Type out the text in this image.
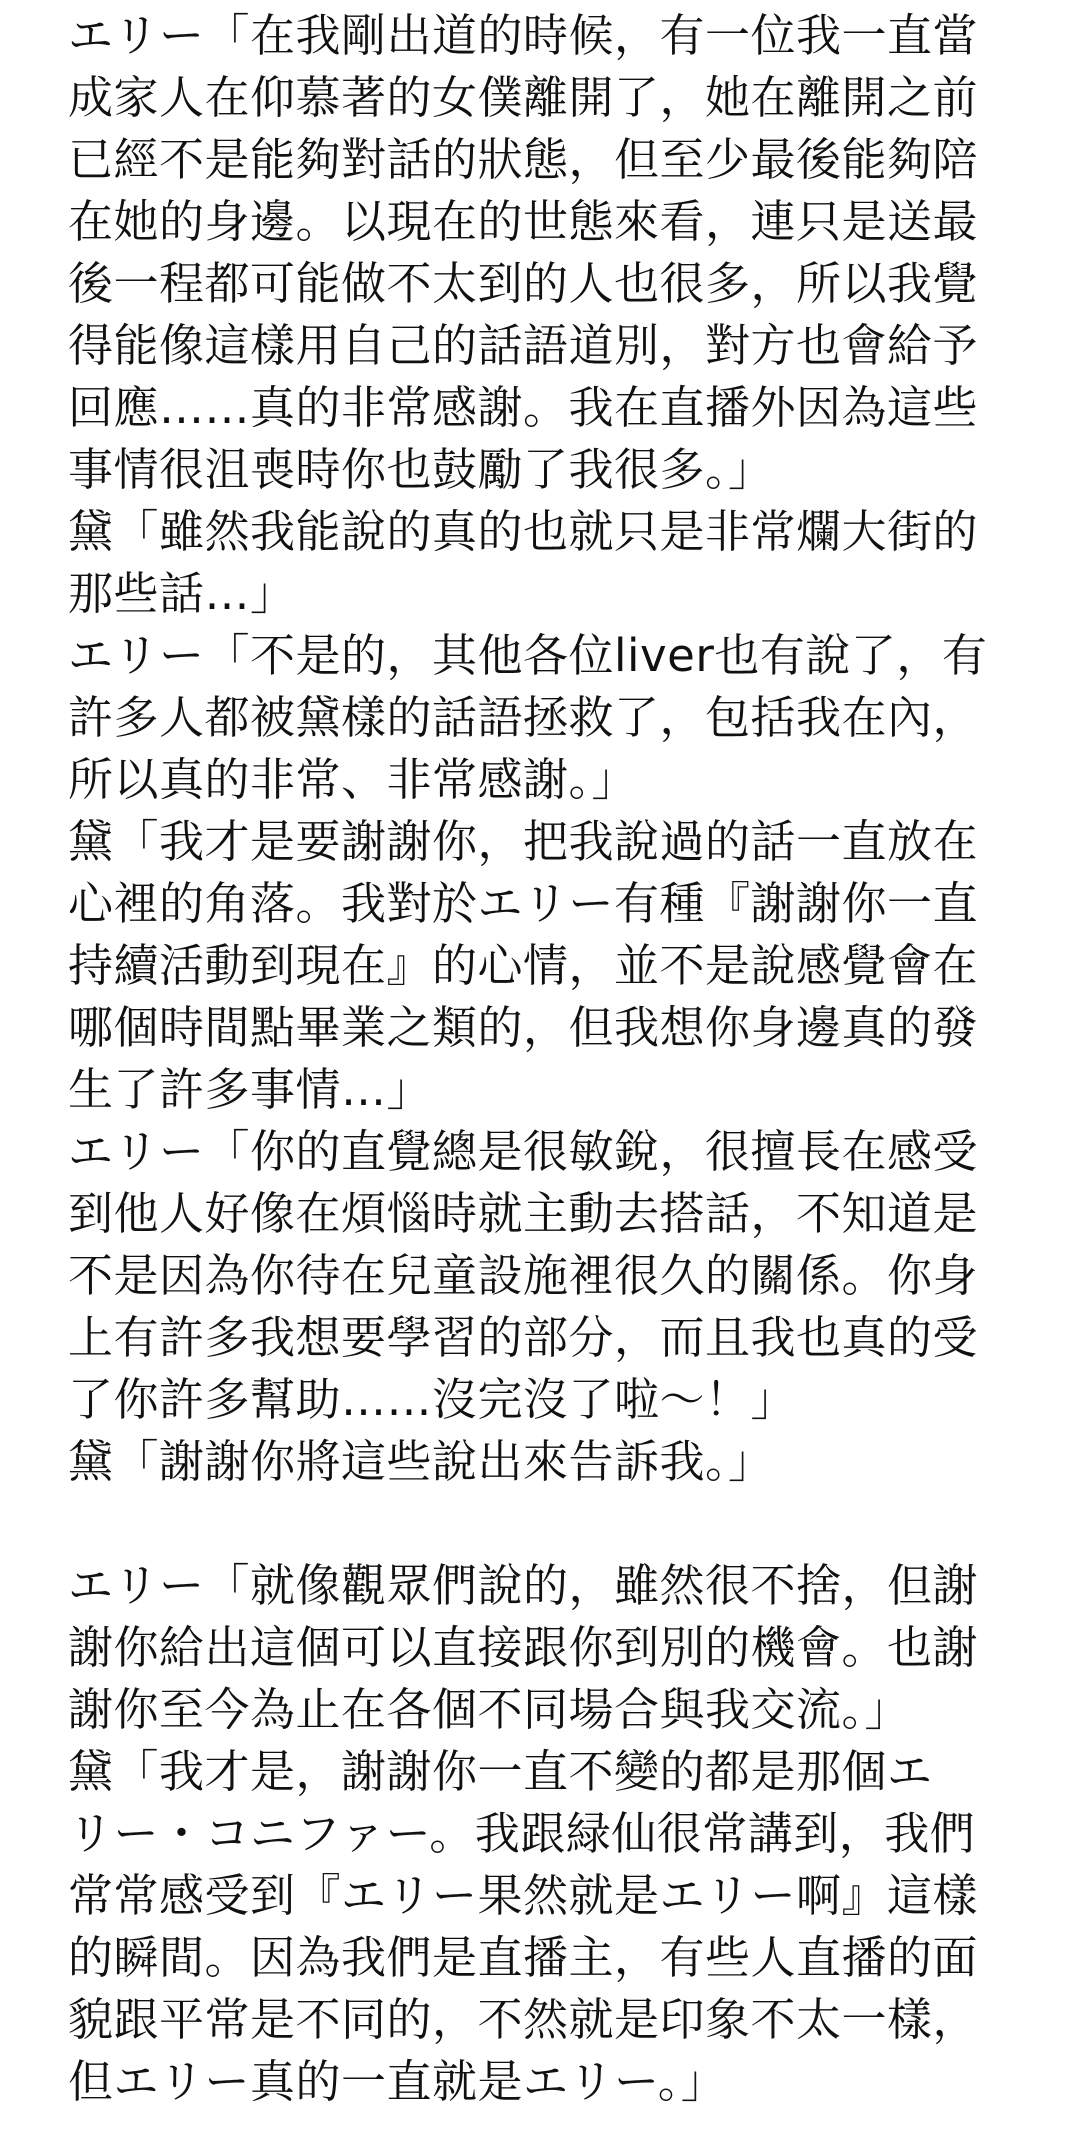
エリー「在我剛出道的時候，有一位我一直當
成家人在仰慕著的女僕離開了，她在離開之前
已經不是能夠對話的狀態，但至少最後能夠陪
在她的身邊。以現在的世態來看，連只是送最
後一程都可能做不太到的人也很多，所以我覺
得能像這樣用自己的話語道別，對方也會給予
回應……真的非常感謝。我在直播外因為這些
事情很沮喪時你也鼓勵了我很多。」
黛「雖然我能說的真的也就只是非常爛大街的
那些話…」
エリー「不是的，其他各位liver也有說了，有
許多人都被黛樣的話語拯救了，包括我在內，
所以真的非常、非常感謝。」
黛「我才是要謝謝你，把我說過的話一直放在
心裡的角落。我對於エリー有種『謝謝你一直
持續活動到現在』的心情，並不是說感覺會在
哪個時間點畢業之類的，但我想你身邊真的發
生了許多事情…」
エリー「你的直覺總是很敏銳，很擅長在感受
到他人好像在煩惱時就主動去搭話，不知道是
不是因為你待在兒童設施裡很久的關係。你身
上有許多我想要學習的部分，而且我也真的受
了你許多幫助……沒完沒了啦～！」
黛「謝謝你將這些說出來告訴我。」
エリー「就像觀眾們說的，雖然很不捨，但謝
謝你給出這個可以直接跟你到別的機會。也謝
謝你至今為止在各個不同場合與我交流。」
黛「我才是，謝謝你一直不變的都是那個エ
リー・コニファー。我跟緑仙很常講到，我們
常常感受到『エリー果然就是エリー啊』這樣
的瞬間。因為我們是直播主，有些人直播的面
貌跟平常是不同的，不然就是印象不太一樣，
但エリー真的一直就是エリー。」
